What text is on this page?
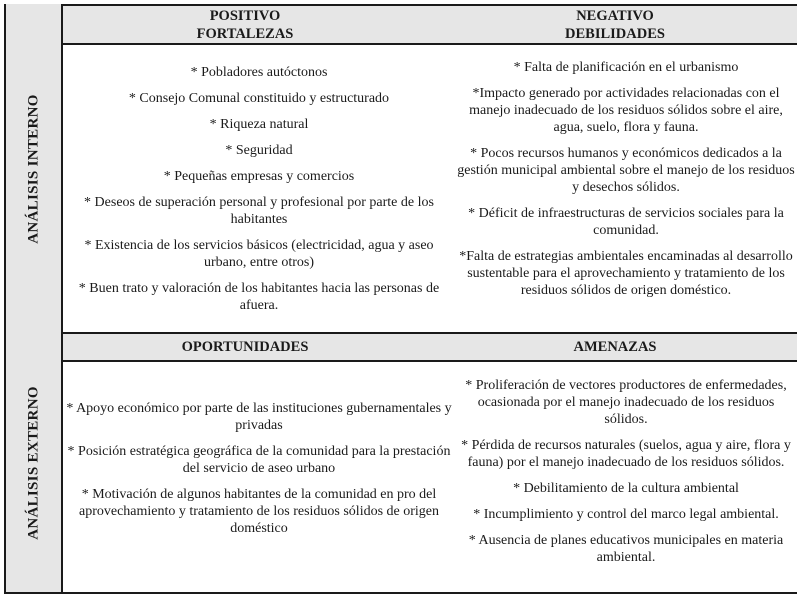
ANÁLISIS INTERNO
ANÁLISIS EXTERNO
POSITIVO
FORTALEZAS
NEGATIVO
DEBILIDADES
* Pobladores autóctonos
* Consejo Comunal constituido y estructurado
* Riqueza natural
* Seguridad
* Pequeñas empresas y comercios
* Deseos de superación personal y profesional por parte de los habitantes
* Existencia de los servicios básicos (electricidad, agua y aseo urbano, entre otros)
* Buen trato y valoración de los habitantes hacia las personas de afuera.
* Falta de planificación en el urbanismo
*Impacto generado por actividades relacionadas con el manejo inadecuado de los residuos sólidos sobre el aire, agua, suelo, flora y fauna.
* Pocos recursos humanos y económicos dedicados a la gestión municipal ambiental sobre el manejo de los residuos y desechos sólidos.
* Déficit de infraestructuras de servicios sociales para la comunidad.
*Falta de estrategias ambientales encaminadas al desarrollo sustentable para el aprovechamiento y tratamiento de los residuos sólidos de origen doméstico.
OPORTUNIDADES	AMENAZAS
* Apoyo económico por parte de las instituciones gubernamentales y privadas
* Posición estratégica geográfica de la comunidad para la prestación del servicio de aseo urbano
* Motivación de algunos habitantes de la comunidad en pro del aprovechamiento y tratamiento de los residuos sólidos de origen doméstico
* Proliferación de vectores productores de enfermedades, ocasionada por el manejo inadecuado de los residuos sólidos.
* Pérdida de recursos naturales (suelos, agua y aire, flora y fauna) por el manejo inadecuado de los residuos sólidos.
* Debilitamiento de la cultura ambiental
* Incumplimiento y control del marco legal ambiental.
* Ausencia de planes educativos municipales en materia ambiental.
